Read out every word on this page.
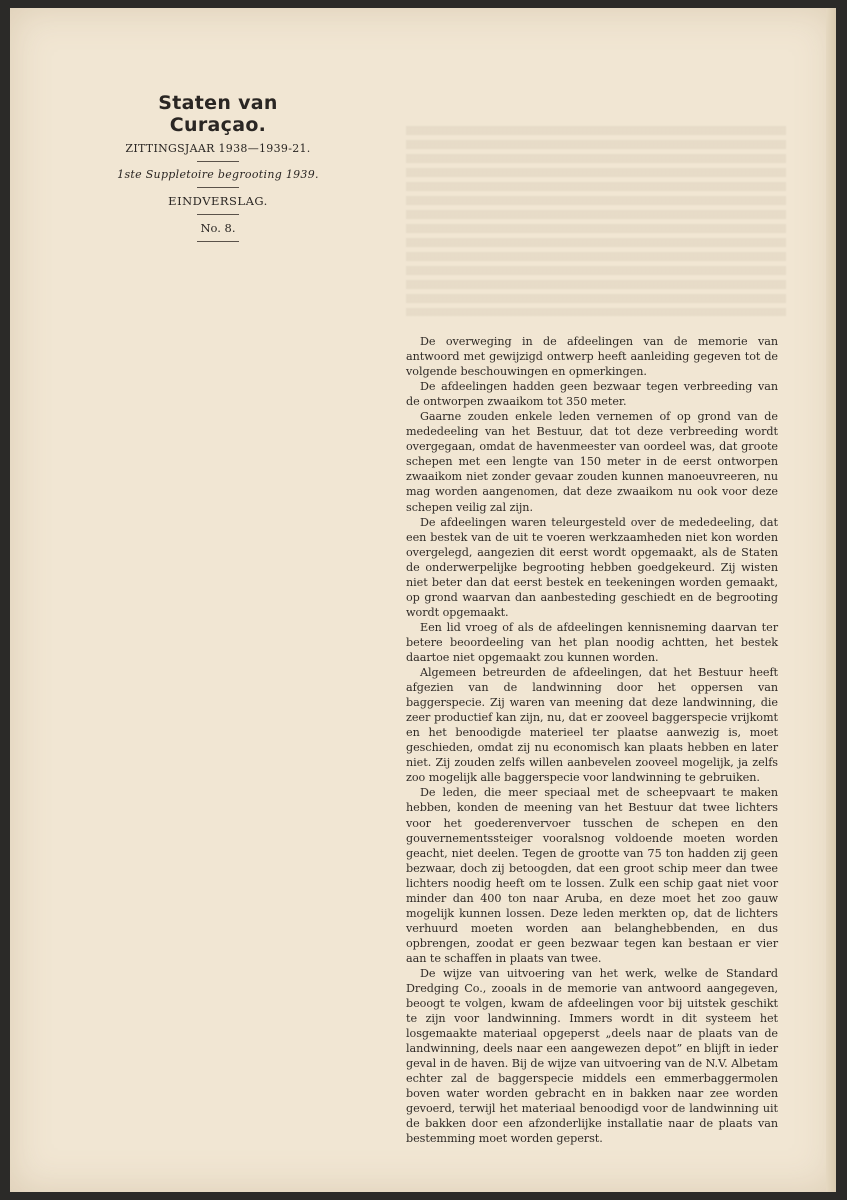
Staten van Curaçao.
ZITTINGSJAAR 1938—1939-21.
1ste Suppletoire begrooting 1939.
EINDVERSLAG.
No. 8.

De overweging in de afdeelingen van de memorie van antwoord met gewijzigd ontwerp heeft aanleiding gegeven tot de volgende beschouwingen en opmerkingen.

De afdeelingen hadden geen bezwaar tegen verbreeding van de ontworpen zwaaikom tot 350 meter.

Gaarne zouden enkele leden vernemen of op grond van de mededeeling van het Bestuur, dat tot deze verbreeding wordt overgegaan, omdat de havenmeester van oordeel was, dat groote schepen met een lengte van 150 meter in de eerst ontworpen zwaaikom niet zonder gevaar zouden kunnen manoeuvreeren, nu mag worden aangenomen, dat deze zwaaikom nu ook voor deze schepen veilig zal zijn.

De afdeelingen waren teleurgesteld over de mededeeling, dat een bestek van de uit te voeren werkzaamheden niet kon worden overgelegd, aangezien dit eerst wordt opgemaakt, als de Staten de onderwerpelijke begrooting hebben goedgekeurd. Zij wisten niet beter dan dat eerst bestek en teekeningen worden gemaakt, op grond waarvan dan aanbesteding geschiedt en de begrooting wordt opgemaakt.

Een lid vroeg of als de afdeelingen kennisneming daarvan ter betere beoordeeling van het plan noodig achtten, het bestek daartoe niet opgemaakt zou kunnen worden.

Algemeen betreurden de afdeelingen, dat het Bestuur heeft afgezien van de landwinning door het oppersen van baggerspecie. Zij waren van meening dat deze landwinning, die zeer productief kan zijn, nu, dat er zooveel baggerspecie vrijkomt en het benoodigde materieel ter plaatse aanwezig is, moet geschieden, omdat zij nu economisch kan plaats hebben en later niet. Zij zouden zelfs willen aanbevelen zooveel mogelijk, ja zelfs zoo mogelijk alle baggerspecie voor landwinning te gebruiken.

De leden, die meer speciaal met de scheepvaart te maken hebben, konden de meening van het Bestuur dat twee lichters voor het goederenvervoer tusschen de schepen en den gouvernementssteiger vooralsnog voldoende moeten worden geacht, niet deelen. Tegen de grootte van 75 ton hadden zij geen bezwaar, doch zij betoogden, dat een groot schip meer dan twee lichters noodig heeft om te lossen. Zulk een schip gaat niet voor minder dan 400 ton naar Aruba, en deze moet het zoo gauw mogelijk kunnen lossen. Deze leden merkten op, dat de lichters verhuurd moeten worden aan belanghebbenden, en dus opbrengen, zoodat er geen bezwaar tegen kan bestaan er vier aan te schaffen in plaats van twee.

De wijze van uitvoering van het werk, welke de Standard Dredging Co., zooals in de memorie van antwoord aangegeven, beoogt te volgen, kwam de afdeelingen voor bij uitstek geschikt te zijn voor landwinning. Immers wordt in dit systeem het losgemaakte materiaal opgeperst „deels naar de plaats van de landwinning, deels naar een aangewezen depot” en blijft in ieder geval in de haven. Bij de wijze van uitvoering van de N.V. Albetam echter zal de baggerspecie middels een emmerbaggermolen boven water worden gebracht en in bakken naar zee worden gevoerd, terwijl het materiaal benoodigd voor de landwinning uit de bakken door een afzonderlijke installatie naar de plaats van bestemming moet worden geperst.
